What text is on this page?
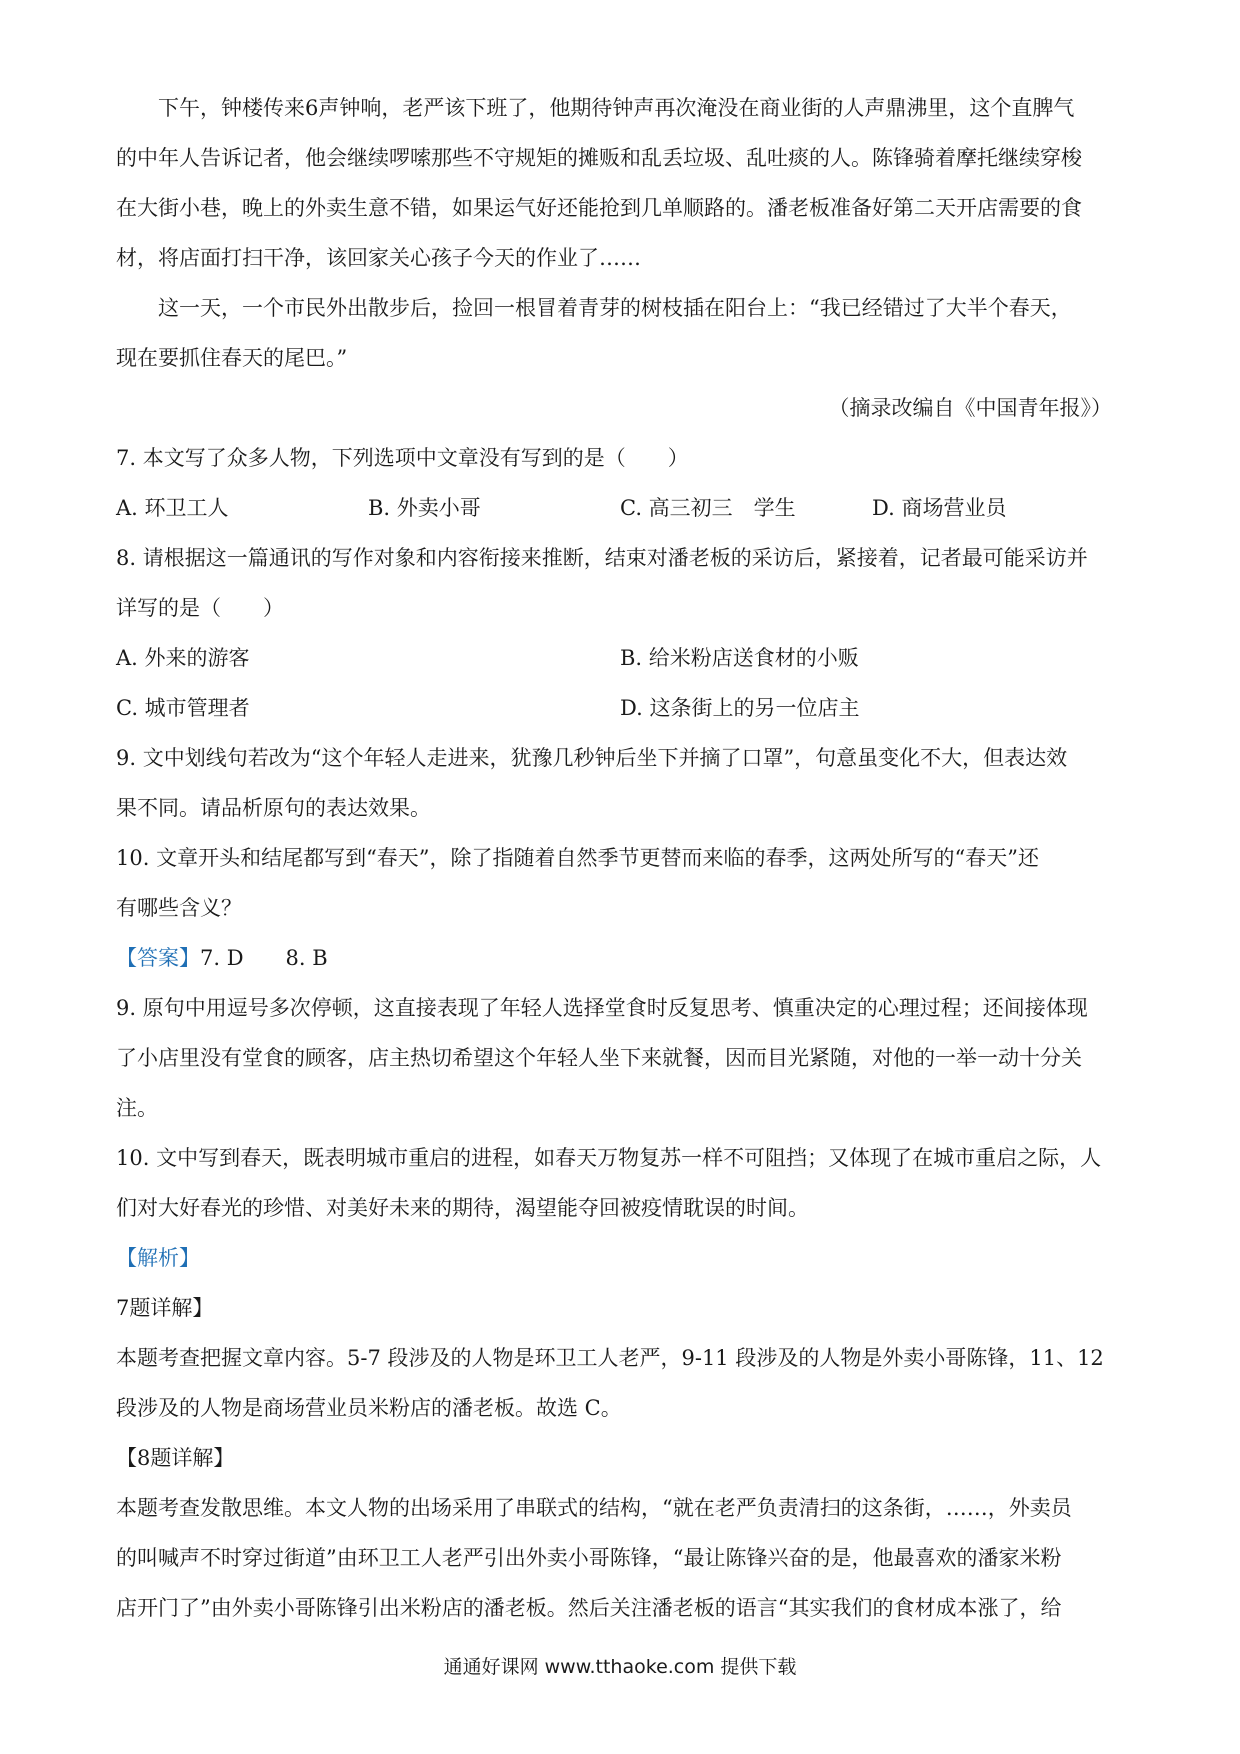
下午，钟楼传来6声钟响，老严该下班了，他期待钟声再次淹没在商业街的人声鼎沸里，这个直脾气
的中年人告诉记者，他会继续啰嗦那些不守规矩的摊贩和乱丢垃圾、乱吐痰的人。陈锋骑着摩托继续穿梭
在大街小巷，晚上的外卖生意不错，如果运气好还能抢到几单顺路的。潘老板准备好第二天开店需要的食
材，将店面打扫干净，该回家关心孩子今天的作业了……
这一天，一个市民外出散步后，捡回一根冒着青芽的树枝插在阳台上：“我已经错过了大半个春天，
现在要抓住春天的尾巴。”
（摘录改编自《中国青年报》）
7. 本文写了众多人物，下列选项中文章没有写到的是（　　）
A. 环卫工人	B. 外卖小哥	C. 高三初三　学生	D. 商场营业员
8. 请根据这一篇通讯的写作对象和内容衔接来推断，结束对潘老板的采访后，紧接着，记者最可能采访并
详写的是（　　）
A. 外来的游客	B. 给米粉店送食材的小贩
C. 城市管理者	D. 这条街上的另一位店主
9. 文中划线句若改为“这个年轻人走进来，犹豫几秒钟后坐下并摘了口罩”，句意虽变化不大，但表达效
果不同。请品析原句的表达效果。
10. 文章开头和结尾都写到“春天”，除了指随着自然季节更替而来临的春季，这两处所写的“春天”还
有哪些含义？
【答案】7. D　　8. B
9. 原句中用逗号多次停顿，这直接表现了年轻人选择堂食时反复思考、慎重决定的心理过程；还间接体现
了小店里没有堂食的顾客，店主热切希望这个年轻人坐下来就餐，因而目光紧随，对他的一举一动十分关
注。
10. 文中写到春天，既表明城市重启的进程，如春天万物复苏一样不可阻挡；又体现了在城市重启之际，人
们对大好春光的珍惜、对美好未来的期待，渴望能夺回被疫情耽误的时间。
【解析】
7题详解】
本题考查把握文章内容。5-7 段涉及的人物是环卫工人老严，9-11 段涉及的人物是外卖小哥陈锋，11、12
段涉及的人物是商场营业员米粉店的潘老板。故选 C。
【8题详解】
本题考查发散思维。本文人物的出场采用了串联式的结构，“就在老严负责清扫的这条街，……，外卖员
的叫喊声不时穿过街道”由环卫工人老严引出外卖小哥陈锋，“最让陈锋兴奋的是，他最喜欢的潘家米粉
店开门了”由外卖小哥陈锋引出米粉店的潘老板。然后关注潘老板的语言“其实我们的食材成本涨了，给
通通好课网 www.tthaoke.com 提供下载
